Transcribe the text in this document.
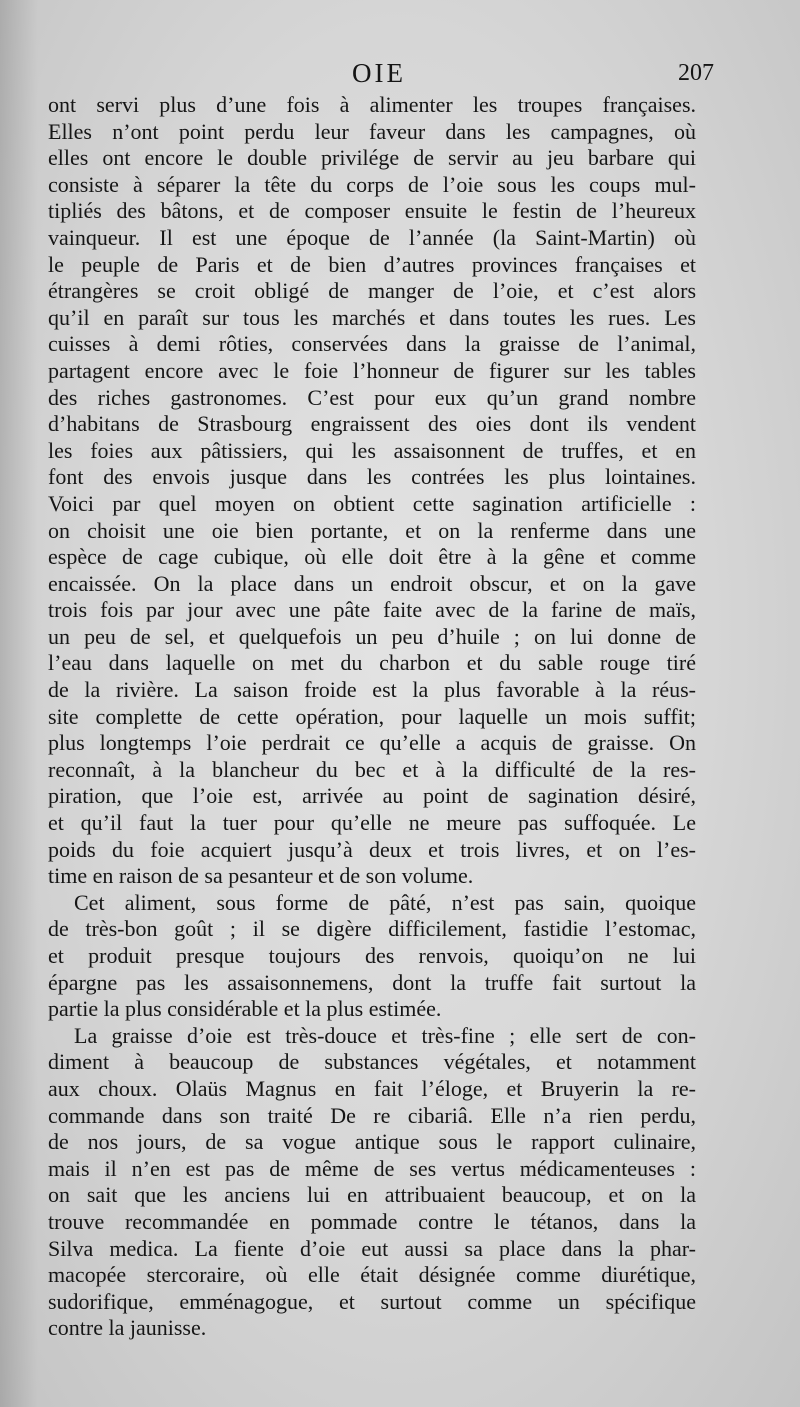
OIE	207
ont servi plus d’une fois à alimenter les troupes françaises.
Elles n’ont point perdu leur faveur dans les campagnes, où
elles ont encore le double privilége de servir au jeu barbare qui
consiste à séparer la tête du corps de l’oie sous les coups mul-
tipliés des bâtons, et de composer ensuite le festin de l’heureux
vainqueur. Il est une époque de l’année (la Saint-Martin) où
le peuple de Paris et de bien d’autres provinces françaises et
étrangères se croit obligé de manger de l’oie, et c’est alors
qu’il en paraît sur tous les marchés et dans toutes les rues. Les
cuisses à demi rôties, conservées dans la graisse de l’animal,
partagent encore avec le foie l’honneur de figurer sur les tables
des riches gastronomes. C’est pour eux qu’un grand nombre
d’habitans de Strasbourg engraissent des oies dont ils vendent
les foies aux pâtissiers, qui les assaisonnent de truffes, et en
font des envois jusque dans les contrées les plus lointaines.
Voici par quel moyen on obtient cette sagination artificielle :
on choisit une oie bien portante, et on la renferme dans une
espèce de cage cubique, où elle doit être à la gêne et comme
encaissée. On la place dans un endroit obscur, et on la gave
trois fois par jour avec une pâte faite avec de la farine de maïs,
un peu de sel, et quelquefois un peu d’huile ; on lui donne de
l’eau dans laquelle on met du charbon et du sable rouge tiré
de la rivière. La saison froide est la plus favorable à la réus-
site complette de cette opération, pour laquelle un mois suffit;
plus longtemps l’oie perdrait ce qu’elle a acquis de graisse. On
reconnaît, à la blancheur du bec et à la difficulté de la res-
piration, que l’oie est, arrivée au point de sagination désiré,
et qu’il faut la tuer pour qu’elle ne meure pas suffoquée. Le
poids du foie acquiert jusqu’à deux et trois livres, et on l’es-
time en raison de sa pesanteur et de son volume.
Cet aliment, sous forme de pâté, n’est pas sain, quoique
de très-bon goût ; il se digère difficilement, fastidie l’estomac,
et produit presque toujours des renvois, quoiqu’on ne lui
épargne pas les assaisonnemens, dont la truffe fait surtout la
partie la plus considérable et la plus estimée.
La graisse d’oie est très-douce et très-fine ; elle sert de con-
diment à beaucoup de substances végétales, et notamment
aux choux. Olaüs Magnus en fait l’éloge, et Bruyerin la re-
commande dans son traité De re cibariâ. Elle n’a rien perdu,
de nos jours, de sa vogue antique sous le rapport culinaire,
mais il n’en est pas de même de ses vertus médicamenteuses :
on sait que les anciens lui en attribuaient beaucoup, et on la
trouve recommandée en pommade contre le tétanos, dans la
Silva medica. La fiente d’oie eut aussi sa place dans la phar-
macopée stercoraire, où elle était désignée comme diurétique,
sudorifique, emménagogue, et surtout comme un spécifique
contre la jaunisse.
